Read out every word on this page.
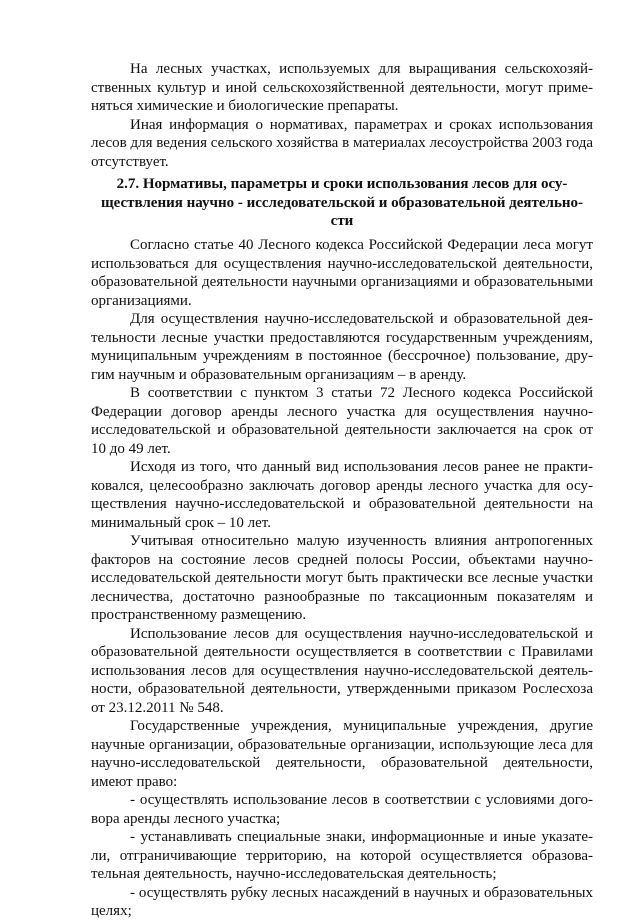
На лесных участках, используемых для выращивания сельскохозяйственных культур и иной сельскохозяйственной деятельности, могут применяться химические и биологические препараты.

Иная информация о нормативах, параметрах и сроках использования лесов для ведения сельского хозяйства в материалах лесоустройства 2003 года отсутствует.

2.7. Нормативы, параметры и сроки использования лесов для осуществления научно - исследовательской и образовательной деятельности

Согласно статье 40 Лесного кодекса Российской Федерации леса могут использоваться для осуществления научно-исследовательской деятельности, образовательной деятельности научными организациями и образовательными организациями.

Для осуществления научно-исследовательской и образовательной деятельности лесные участки предоставляются государственным учреждениям, муниципальным учреждениям в постоянное (бессрочное) пользование, другим научным и образовательным организациям – в аренду.

В соответствии с пунктом 3 статьи 72 Лесного кодекса Российской Федерации договор аренды лесного участка для осуществления научно-исследовательской и образовательной деятельности заключается на срок от 10 до 49 лет.

Исходя из того, что данный вид использования лесов ранее не практиковался, целесообразно заключать договор аренды лесного участка для осуществления научно-исследовательской и образовательной деятельности на минимальный срок – 10 лет.

Учитывая относительно малую изученность влияния антропогенных факторов на состояние лесов средней полосы России, объектами научно-исследовательской деятельности могут быть практически все лесные участки лесничества, достаточно разнообразные по таксационным показателям и пространственному размещению.

Использование лесов для осуществления научно-исследовательской и образовательной деятельности осуществляется в соответствии с Правилами использования лесов для осуществления научно-исследовательской деятельности, образовательной деятельности, утвержденными приказом Рослесхоза от 23.12.2011 № 548.

Государственные учреждения, муниципальные учреждения, другие научные организации, образовательные организации, использующие леса для научно-исследовательской деятельности, образовательной деятельности, имеют право:

- осуществлять использование лесов в соответствии с условиями договора аренды лесного участка;

- устанавливать специальные знаки, информационные и иные указатели, отграничивающие территорию, на которой осуществляется образовательная деятельность, научно-исследовательская деятельность;

- осуществлять рубку лесных насаждений в научных и образовательных целях;
